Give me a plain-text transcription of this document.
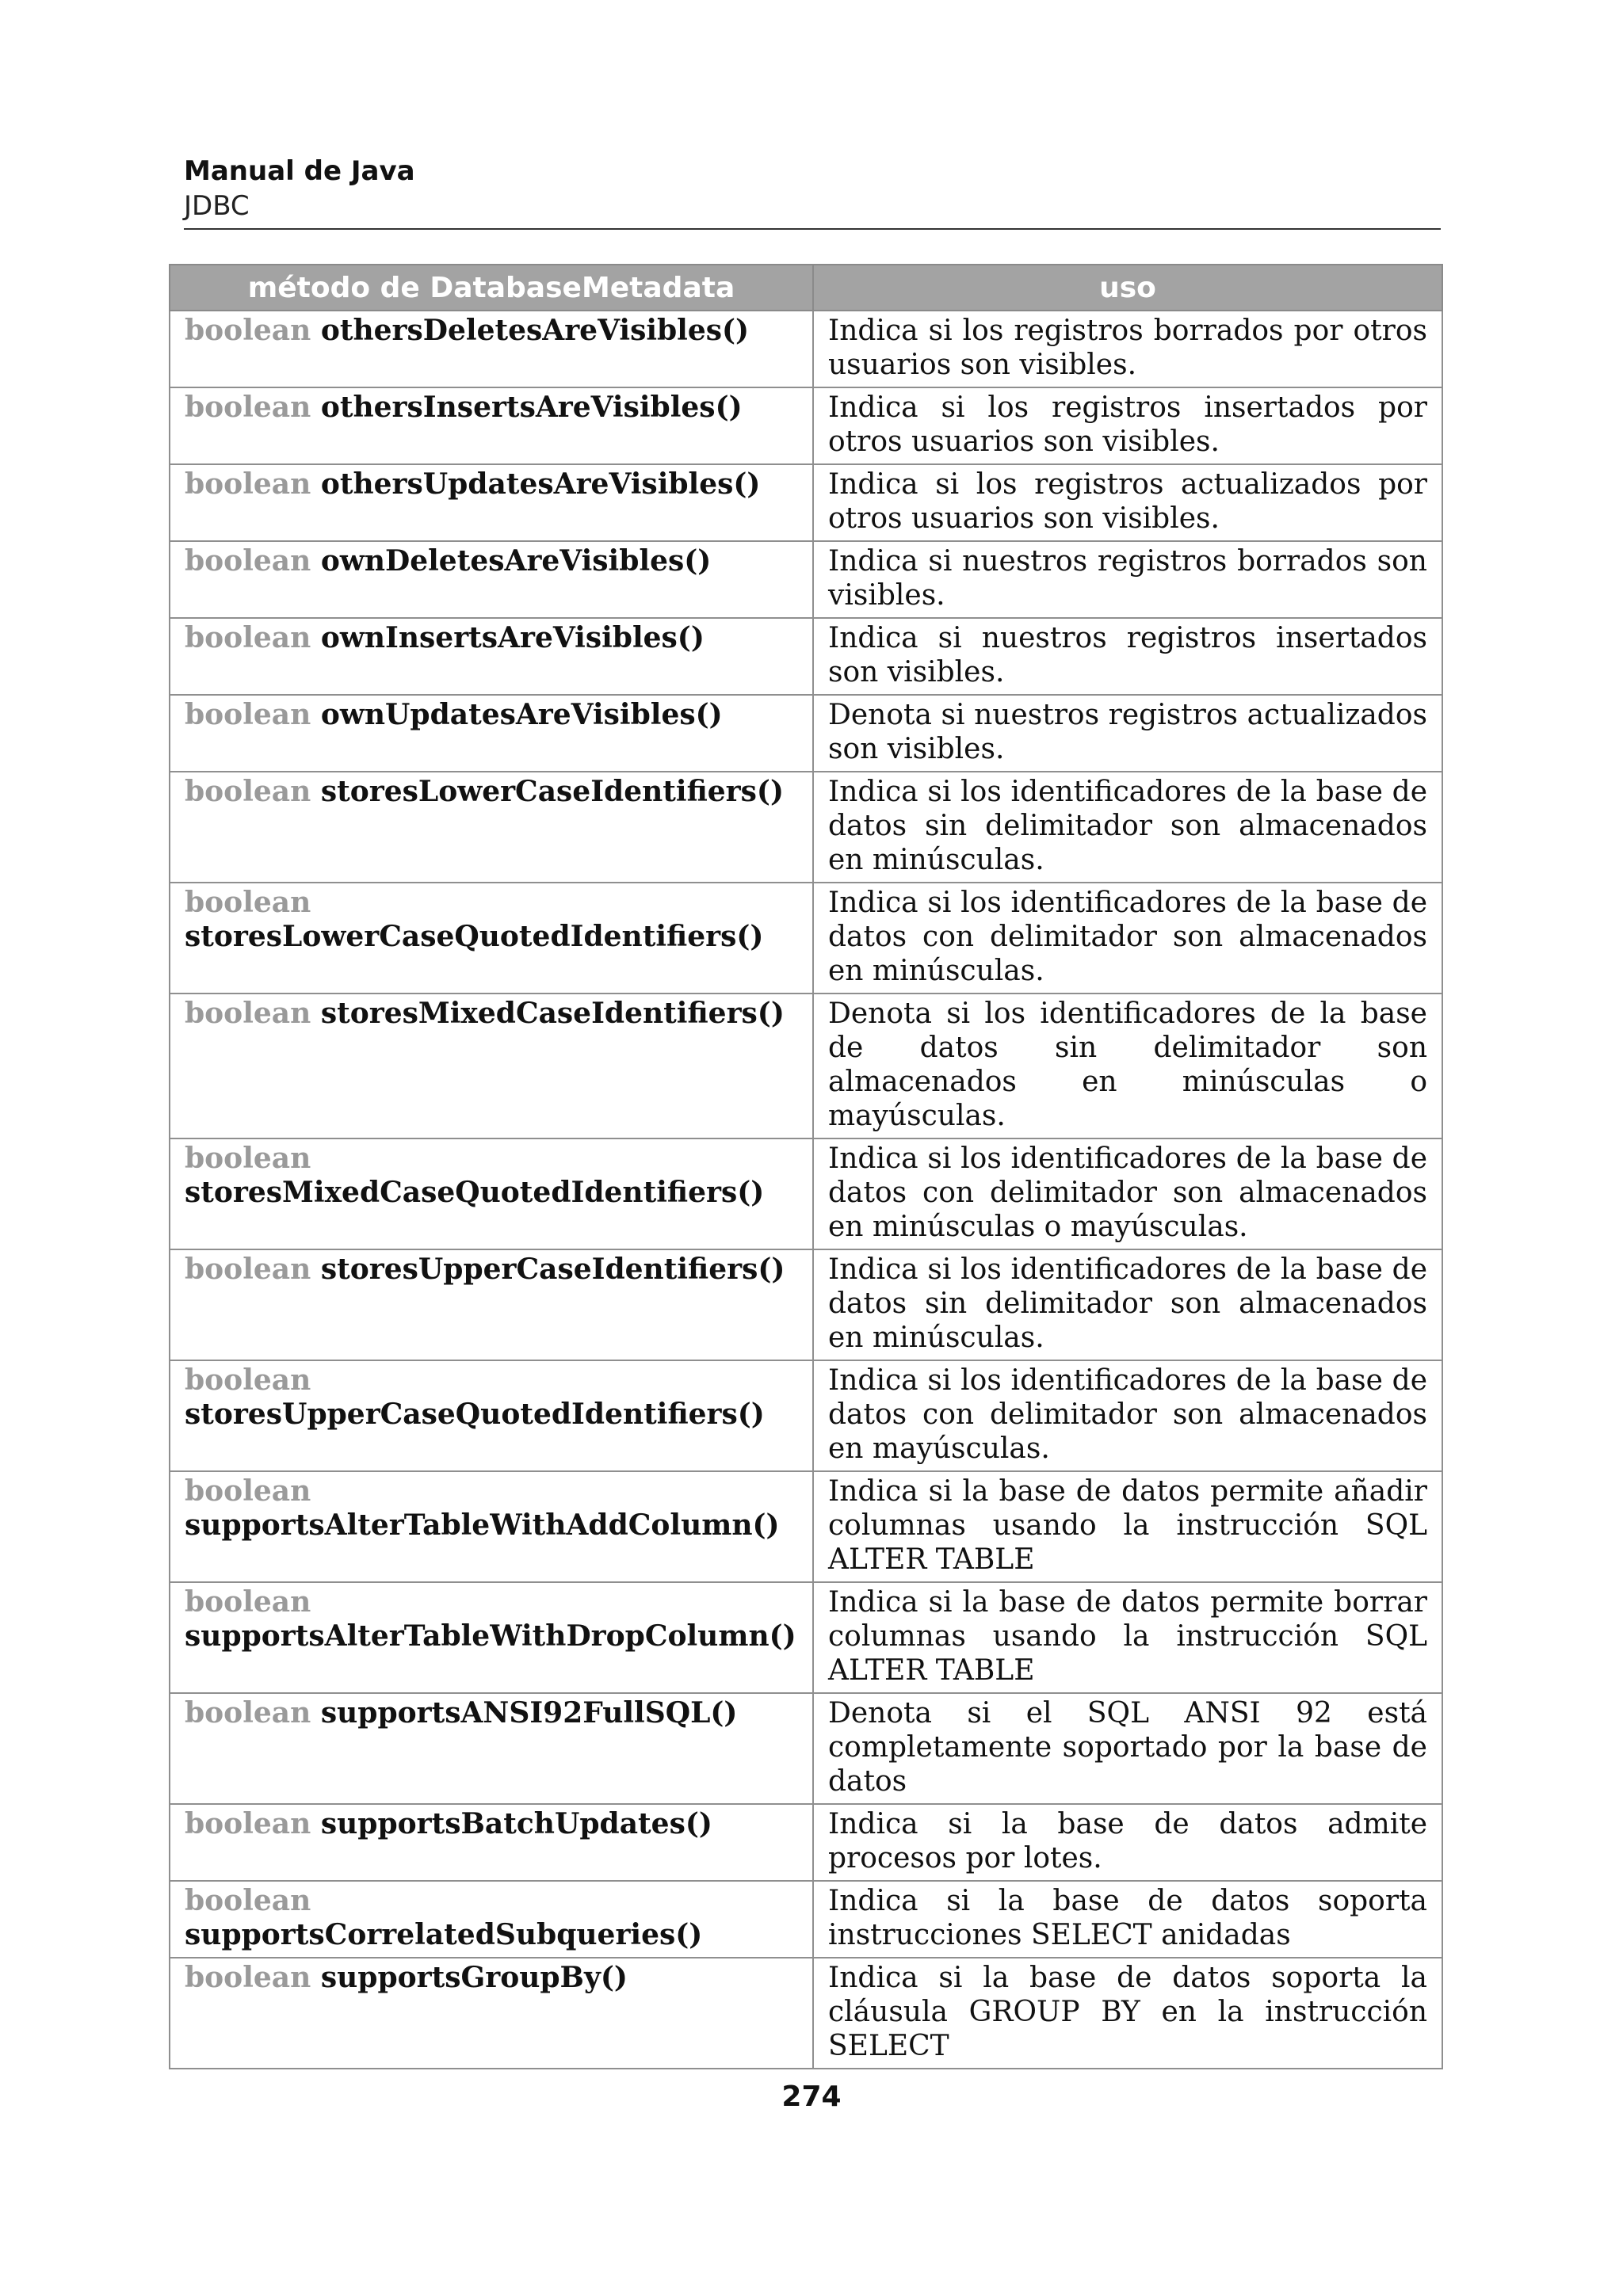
Manual de Java
JDBC
método de DatabaseMetadata	uso
boolean othersDeletesAreVisibles()	Indica si los registros borrados por otros usuarios son visibles.
boolean othersInsertsAreVisibles()	Indica si los registros insertados por otros usuarios son visibles.
boolean othersUpdatesAreVisibles()	Indica si los registros actualizados por otros usuarios son visibles.
boolean ownDeletesAreVisibles()	Indica si nuestros registros borrados son visibles.
boolean ownInsertsAreVisibles()	Indica si nuestros registros insertados son visibles.
boolean ownUpdatesAreVisibles()	Denota si nuestros registros actualizados son visibles.
boolean storesLowerCaseIdentifiers()	Indica si los identificadores de la base de datos sin delimitador son almacenados en minúsculas.
boolean
storesLowerCaseQuotedIdentifiers()	Indica si los identificadores de la base de datos con delimitador son almacenados en minúsculas.
boolean storesMixedCaseIdentifiers()	Denota si los identificadores de la base de datos sin delimitador son almacenados en minúsculas o mayúsculas.
boolean
storesMixedCaseQuotedIdentifiers()	Indica si los identificadores de la base de datos con delimitador son almacenados en minúsculas o mayúsculas.
boolean storesUpperCaseIdentifiers()	Indica si los identificadores de la base de datos sin delimitador son almacenados en minúsculas.
boolean
storesUpperCaseQuotedIdentifiers()	Indica si los identificadores de la base de datos con delimitador son almacenados en mayúsculas.
boolean
supportsAlterTableWithAddColumn()	Indica si la base de datos permite añadir columnas usando la instrucción SQL ALTER TABLE
boolean
supportsAlterTableWithDropColumn()	Indica si la base de datos permite borrar columnas usando la instrucción SQL ALTER TABLE
boolean supportsANSI92FullSQL()	Denota si el SQL ANSI 92 está completamente soportado por la base de datos
boolean supportsBatchUpdates()	Indica si la base de datos admite procesos por lotes.
boolean
supportsCorrelatedSubqueries()	Indica si la base de datos soporta instrucciones SELECT anidadas
boolean supportsGroupBy()	Indica si la base de datos soporta la cláusula GROUP BY en la instrucción SELECT
274
